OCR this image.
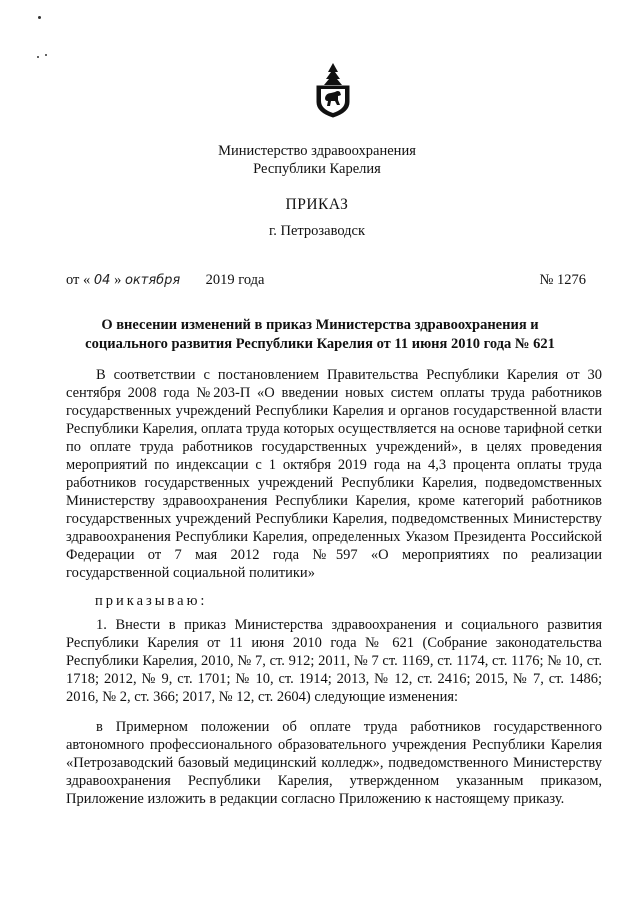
Министерство здравоохранения
Республики Карелия
ПРИКАЗ
г. Петрозаводск
от « 04 » октября 2019 года	№ 1276
О внесении изменений в приказ Министерства здравоохранения и
социального развития Республики Карелия от 11 июня 2010 года № 621
В соответствии с постановлением Правительства Республики Карелия от 30 сентября 2008 года №203-П «О введении новых систем оплаты труда работников государственных учреждений Республики Карелия и органов государственной власти Республики Карелия, оплата труда которых осуществляется на основе тарифной сетки по оплате труда работников государственных учреждений», в целях проведения мероприятий по индексации с 1 октября 2019 года на 4,3 процента оплаты труда работников государственных учреждений Республики Карелия, подведомственных Министерству здравоохранения Республики Карелия, кроме категорий работников государственных учреждений Республики Карелия, подведомственных Министерству здравоохранения Республики Карелия, определенных Указом Президента Российской Федерации от 7 мая 2012 года №597 «О мероприятиях по реализации государственной социальной политики»
приказываю:
1. Внести в приказ Министерства здравоохранения и социального развития Республики Карелия от 11 июня 2010 года № 621 (Собрание законодательства Республики Карелия, 2010, № 7, ст. 912; 2011, № 7 ст. 1169, ст. 1174, ст. 1176; № 10, ст. 1718; 2012, № 9, ст. 1701; № 10, ст. 1914; 2013, № 12, ст. 2416; 2015, № 7, ст. 1486; 2016, № 2, ст. 366; 2017, № 12, ст. 2604) следующие изменения:
в Примерном положении об оплате труда работников государственного автономного профессионального образовательного учреждения Республики Карелия «Петрозаводский базовый медицинский колледж», подведомственного Министерству здравоохранения Республики Карелия, утвержденном указанным приказом, Приложение изложить в редакции согласно Приложению к настоящему приказу.
